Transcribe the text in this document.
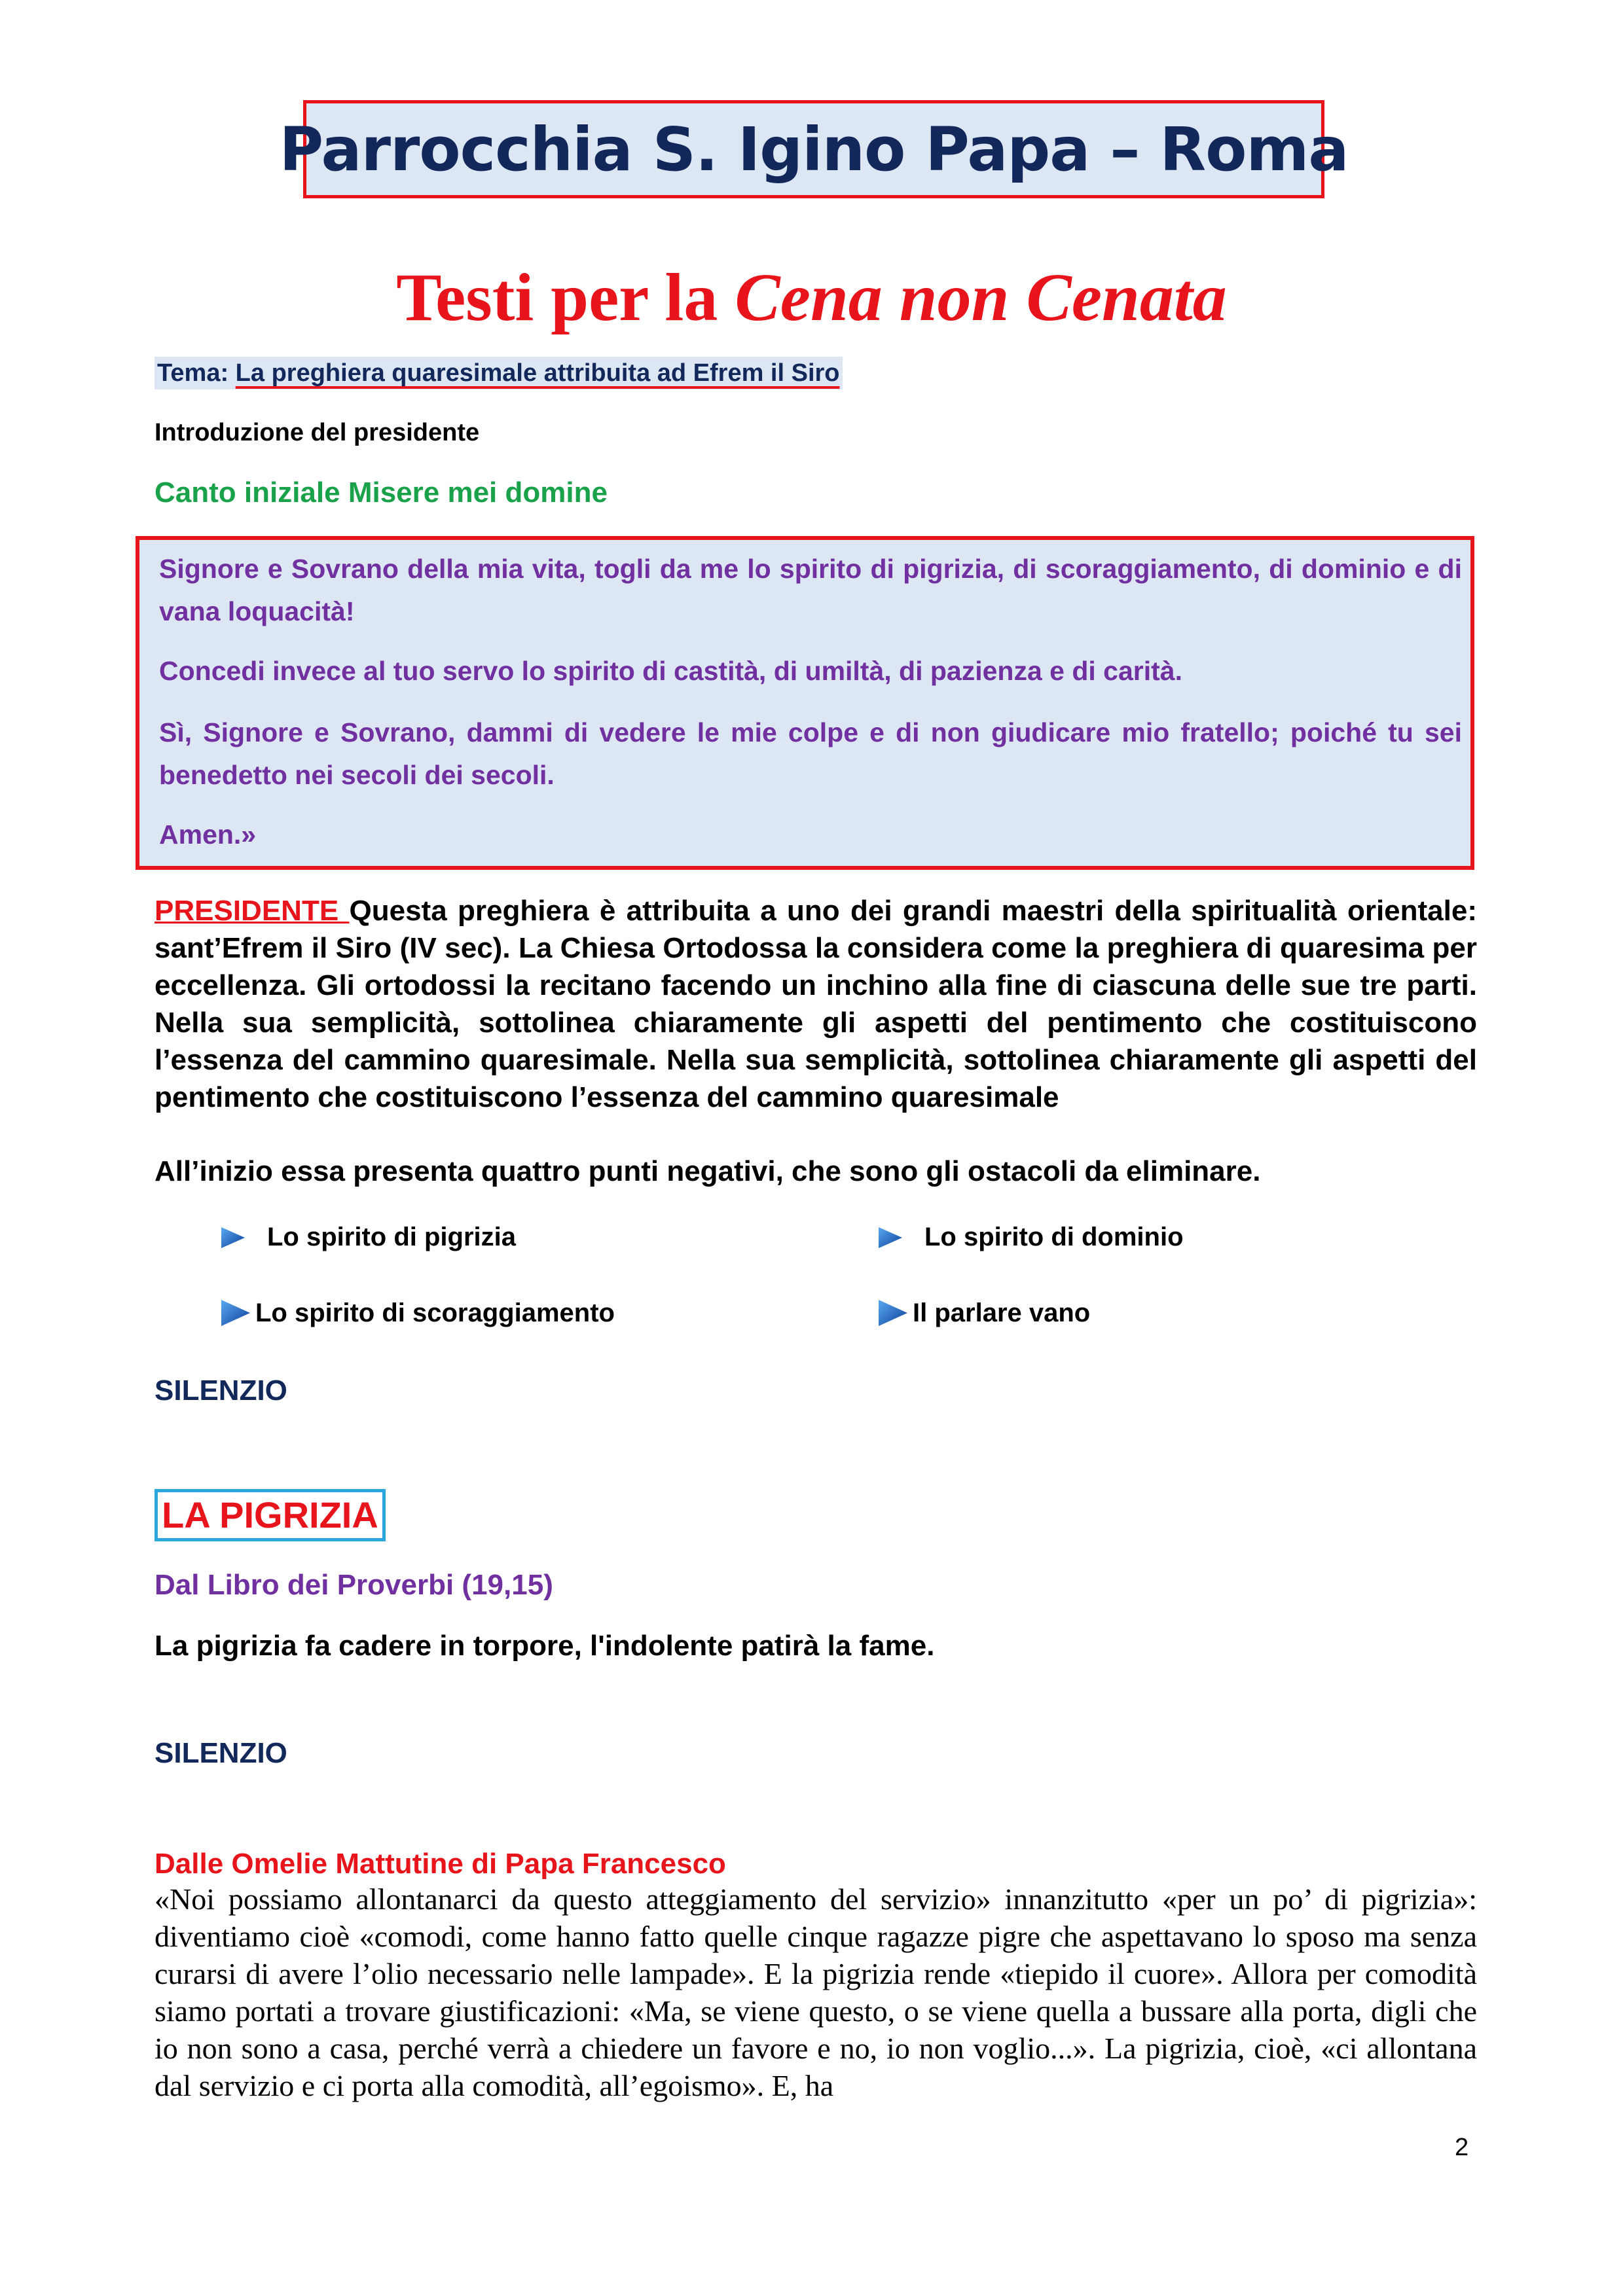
Parrocchia S. Igino Papa – Roma
Testi per la Cena non Cenata
Tema: La preghiera quaresimale attribuita ad Efrem il Siro
Introduzione del presidente
Canto iniziale Misere mei domine

Signore e Sovrano della mia vita, togli da me lo spirito di pigrizia, di scoraggiamento, di dominio e di vana loquacità!

Concedi invece al tuo servo lo spirito di castità, di umiltà, di pazienza e di carità.

Sì, Signore e Sovrano, dammi di vedere le mie colpe e di non giudicare mio fratello; poiché tu sei benedetto nei secoli dei secoli.

Amen.»

PRESIDENTE Questa preghiera è attribuita a uno dei grandi maestri della spiritualità orientale: sant’Efrem il Siro (IV sec). La Chiesa Ortodossa la considera come la preghiera di quaresima per eccellenza. Gli ortodossi la recitano facendo un inchino alla fine di ciascuna delle sue tre parti. Nella sua semplicità, sottolinea chiaramente gli aspetti del pentimento che costituiscono l’essenza del cammino quaresimale. Nella sua semplicità, sottolinea chiaramente gli aspetti del pentimento che costituiscono l’essenza del cammino quaresimale

All’inizio essa presenta quattro punti negativi, che sono gli ostacoli da eliminare.
Lo spirito di pigrizia	Lo spirito di dominio
Lo spirito di scoraggiamento	Il parlare vano
SILENZIO
LA PIGRIZIA
Dal Libro dei Proverbi (19,15)
La pigrizia fa cadere in torpore, l'indolente patirà la fame.
SILENZIO
Dalle Omelie Mattutine di Papa Francesco

«Noi possiamo allontanarci da questo atteggiamento del servizio» innanzitutto «per un po’ di pigrizia»: diventiamo cioè «comodi, come hanno fatto quelle cinque ragazze pigre che aspettavano lo sposo ma senza curarsi di avere l’olio necessario nelle lampade». E la pigrizia rende «tiepido il cuore». Allora per comodità siamo portati a trovare giustificazioni: «Ma, se viene questo, o se viene quella a bussare alla porta, digli che io non sono a casa, perché verrà a chiedere un favore e no, io non voglio...». La pigrizia, cioè, «ci allontana dal servizio e ci porta alla comodità, all’egoismo». E, ha

2
